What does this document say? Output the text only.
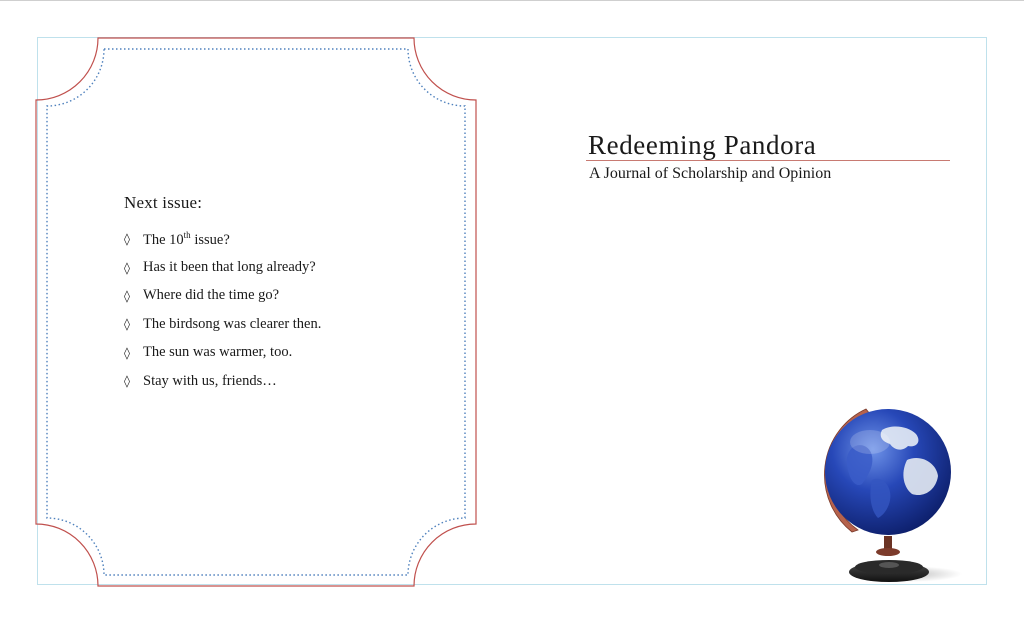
Next issue:
◊ The 10th issue?
◊ Has it been that long already?
◊ Where did the time go?
◊ The birdsong was clearer then.
◊ The sun was warmer, too.
◊ Stay with us, friends…
Redeeming Pandora
A Journal of Scholarship and Opinion
